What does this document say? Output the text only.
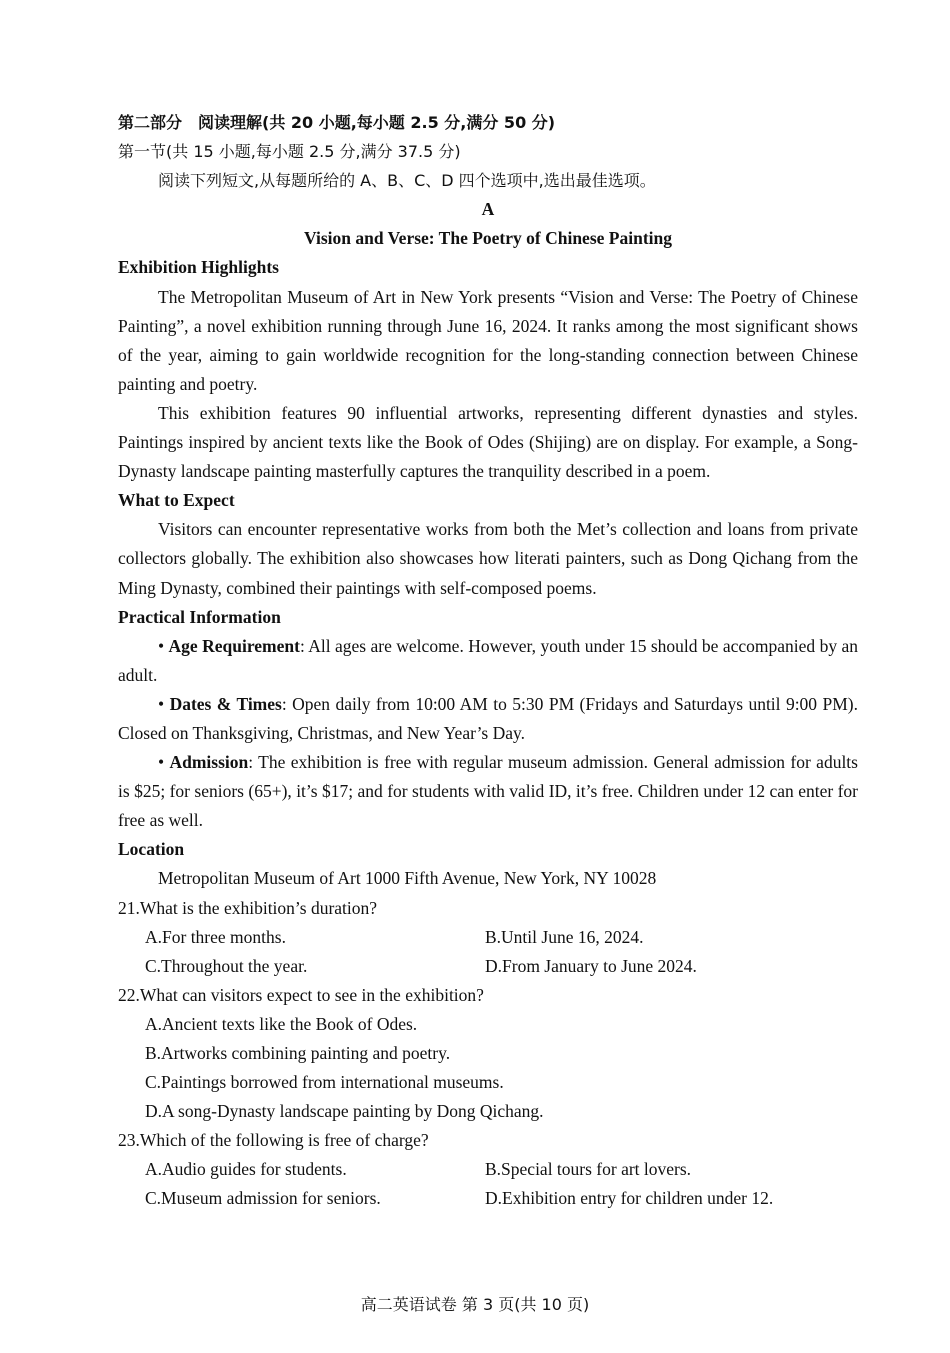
第二部分　阅读理解(共 20 小题,每小题 2.5 分,满分 50 分)
第一节(共 15 小题,每小题 2.5 分,满分 37.5 分)
阅读下列短文,从每题所给的 A、B、C、D 四个选项中,选出最佳选项。
A
Vision and Verse: The Poetry of Chinese Painting
Exhibition Highlights
The Metropolitan Museum of Art in New York presents “Vision and Verse: The Poetry of Chinese Painting”, a novel exhibition running through June 16, 2024. It ranks among the most significant shows of the year, aiming to gain worldwide recognition for the long-standing connection between Chinese painting and poetry.
This exhibition features 90 influential artworks, representing different dynasties and styles. Paintings inspired by ancient texts like the Book of Odes (Shijing) are on display. For example, a Song-Dynasty landscape painting masterfully captures the tranquility described in a poem.
What to Expect
Visitors can encounter representative works from both the Met’s collection and loans from private collectors globally. The exhibition also showcases how literati painters, such as Dong Qichang from the Ming Dynasty, combined their paintings with self-composed poems.
Practical Information
• Age Requirement: All ages are welcome. However, youth under 15 should be accompanied by an adult.
• Dates & Times: Open daily from 10:00 AM to 5:30 PM (Fridays and Saturdays until 9:00 PM). Closed on Thanksgiving, Christmas, and New Year’s Day.
• Admission: The exhibition is free with regular museum admission. General admission for adults is $25; for seniors (65+), it’s $17; and for students with valid ID, it’s free. Children under 12 can enter for free as well.
Location
Metropolitan Museum of Art 1000 Fifth Avenue, New York, NY 10028
21.What is the exhibition’s duration?
A.For three months.	B.Until June 16, 2024.
C.Throughout the year.	D.From January to June 2024.
22.What can visitors expect to see in the exhibition?
A.Ancient texts like the Book of Odes.
B.Artworks combining painting and poetry.
C.Paintings borrowed from international museums.
D.A song-Dynasty landscape painting by Dong Qichang.
23.Which of the following is free of charge?
A.Audio guides for students.	B.Special tours for art lovers.
C.Museum admission for seniors.	D.Exhibition entry for children under 12.
高二英语试卷 第 3 页(共 10 页)
